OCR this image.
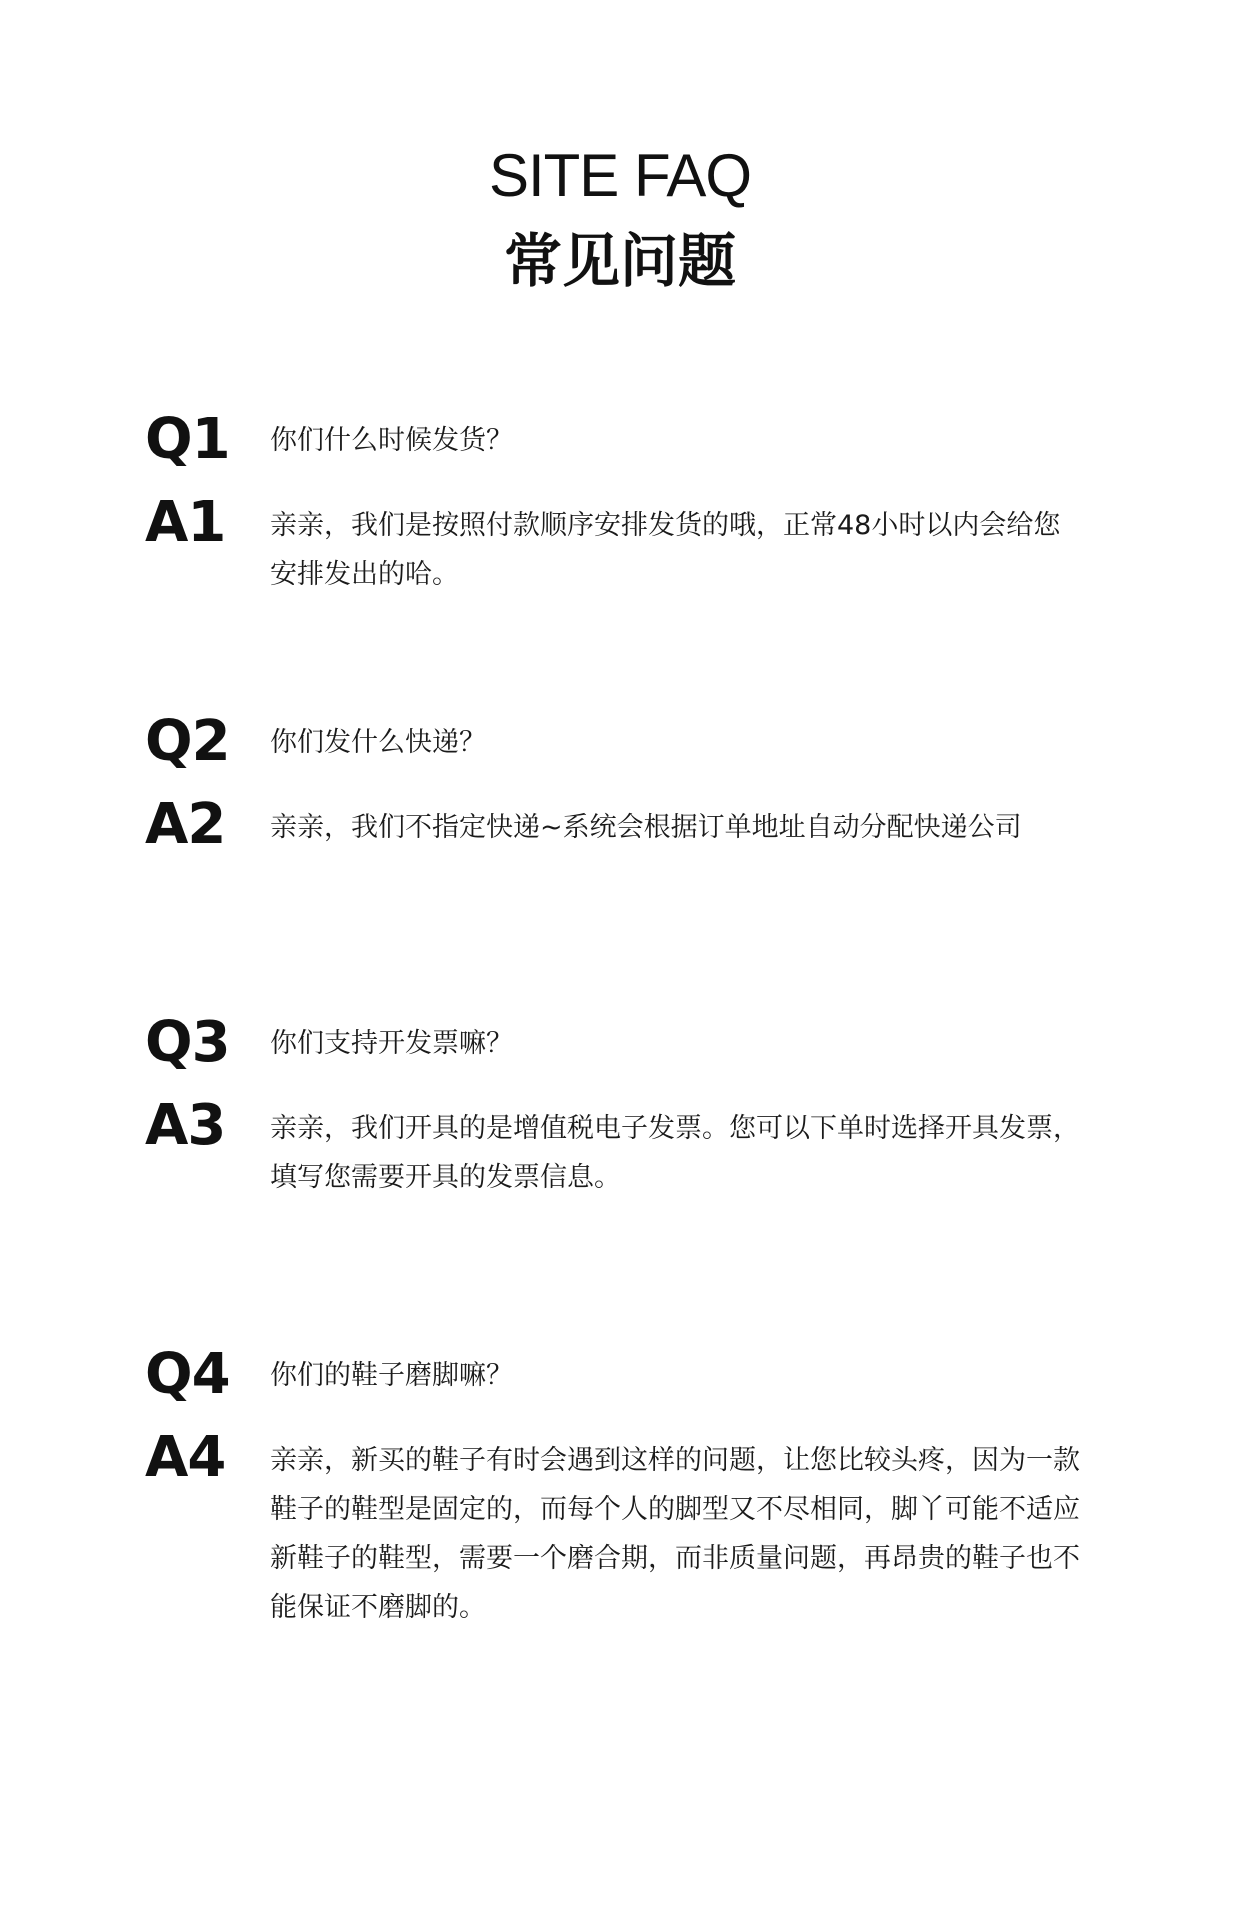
SITE FAQ
常见问题
Q1	你们什么时候发货？
A1	亲亲，我们是按照付款顺序安排发货的哦，正常48小时以内会给您安排发出的哈。
Q2	你们发什么快递？
A2	亲亲，我们不指定快递~系统会根据订单地址自动分配快递公司
Q3	你们支持开发票嘛？
A3	亲亲，我们开具的是增值税电子发票。您可以下单时选择开具发票，填写您需要开具的发票信息。
Q4	你们的鞋子磨脚嘛？
A4	亲亲，新买的鞋子有时会遇到这样的问题，让您比较头疼，因为一款鞋子的鞋型是固定的，而每个人的脚型又不尽相同，脚丫可能不适应新鞋子的鞋型，需要一个磨合期，而非质量问题，再昂贵的鞋子也不能保证不磨脚的。
